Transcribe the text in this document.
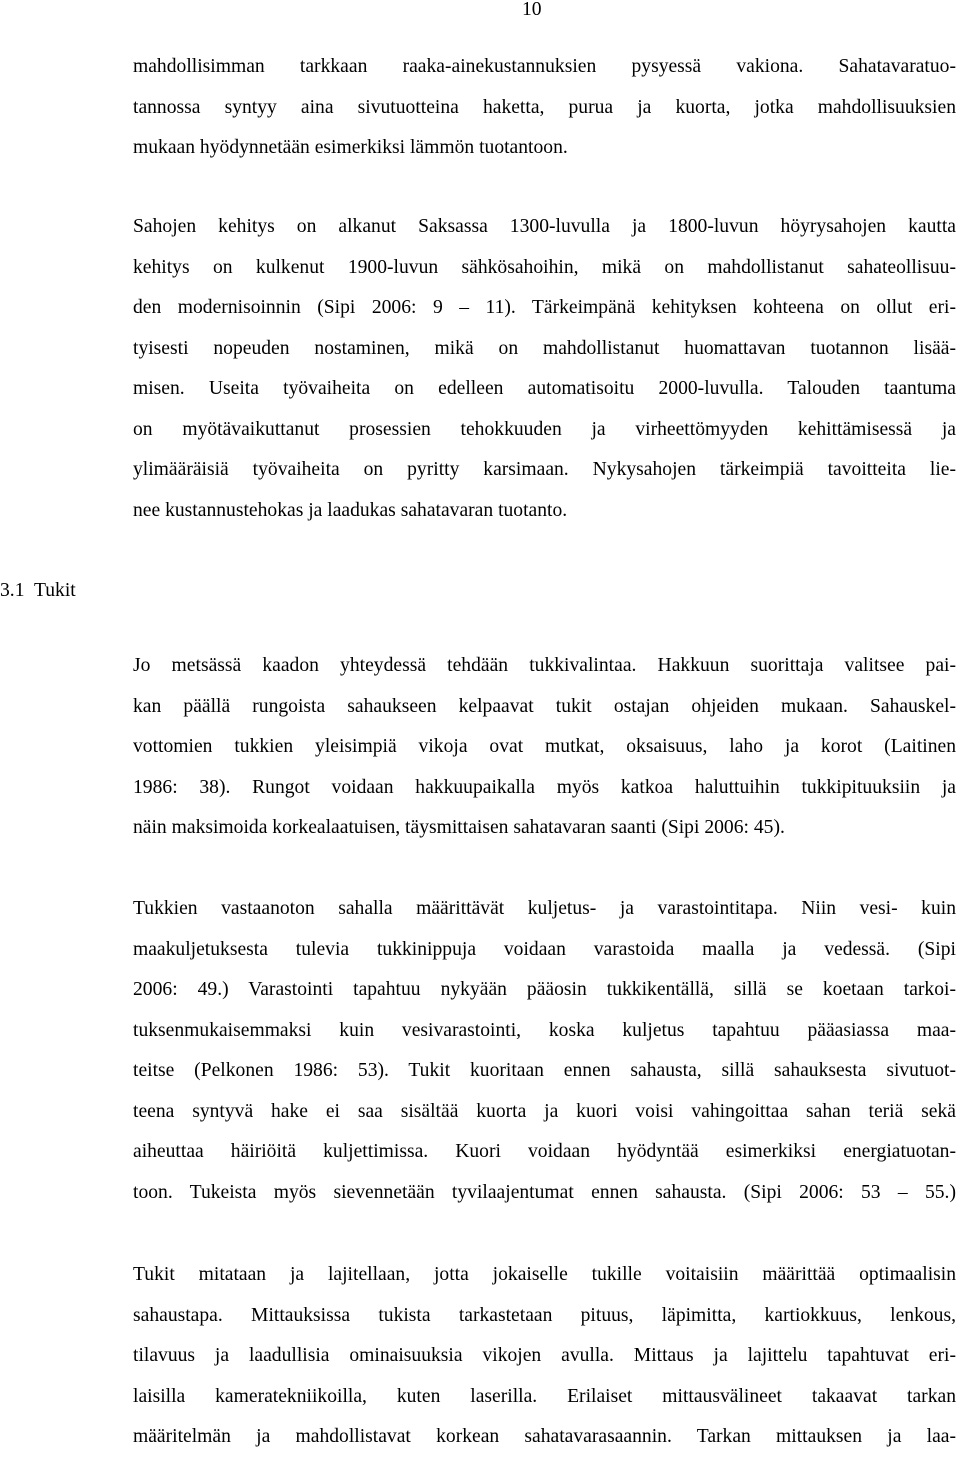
10
mahdollisimman tarkkaan raaka-ainekustannuksien pysyessä vakiona. Sahatavaratuo-
tannossa syntyy aina sivutuotteina haketta, purua ja kuorta, jotka mahdollisuuksien
mukaan hyödynnetään esimerkiksi lämmön tuotantoon.
Sahojen kehitys on alkanut Saksassa 1300-luvulla ja 1800-luvun höyrysahojen kautta
kehitys on kulkenut 1900-luvun sähkösahoihin, mikä on mahdollistanut sahateollisuu-
den modernisoinnin (Sipi 2006: 9 – 11). Tärkeimpänä kehityksen kohteena on ollut eri-
tyisesti nopeuden nostaminen, mikä on mahdollistanut huomattavan tuotannon lisää-
misen. Useita työvaiheita on edelleen automatisoitu 2000-luvulla. Talouden taantuma
on myötävaikuttanut prosessien tehokkuuden ja virheettömyyden kehittämisessä ja
ylimääräisiä työvaiheita on pyritty karsimaan. Nykysahojen tärkeimpiä tavoitteita lie-
nee kustannustehokas ja laadukas sahatavaran tuotanto.
3.1 Tukit
Jo metsässä kaadon yhteydessä tehdään tukkivalintaa. Hakkuun suorittaja valitsee pai-
kan päällä rungoista sahaukseen kelpaavat tukit ostajan ohjeiden mukaan. Sahauskel-
vottomien tukkien yleisimpiä vikoja ovat mutkat, oksaisuus, laho ja korot (Laitinen
1986: 38). Rungot voidaan hakkuupaikalla myös katkoa haluttuihin tukkipituuksiin ja
näin maksimoida korkealaatuisen, täysmittaisen sahatavaran saanti (Sipi 2006: 45).
Tukkien vastaanoton sahalla määrittävät kuljetus- ja varastointitapa. Niin vesi- kuin
maakuljetuksesta tulevia tukkinippuja voidaan varastoida maalla ja vedessä. (Sipi
2006: 49.) Varastointi tapahtuu nykyään pääosin tukkikentällä, sillä se koetaan tarkoi-
tuksenmukaisemmaksi kuin vesivarastointi, koska kuljetus tapahtuu pääasiassa maa-
teitse (Pelkonen 1986: 53). Tukit kuoritaan ennen sahausta, sillä sahauksesta sivutuot-
teena syntyvä hake ei saa sisältää kuorta ja kuori voisi vahingoittaa sahan teriä sekä
aiheuttaa häiriöitä kuljettimissa. Kuori voidaan hyödyntää esimerkiksi energiatuotan-
toon. Tukeista myös sievennetään tyvilaajentumat ennen sahausta. (Sipi 2006: 53 – 55.)
Tukit mitataan ja lajitellaan, jotta jokaiselle tukille voitaisiin määrittää optimaalisin
sahaustapa. Mittauksissa tukista tarkastetaan pituus, läpimitta, kartiokkuus, lenkous,
tilavuus ja laadullisia ominaisuuksia vikojen avulla. Mittaus ja lajittelu tapahtuvat eri-
laisilla kameratekniikoilla, kuten laserilla. Erilaiset mittausvälineet takaavat tarkan
määritelmän ja mahdollistavat korkean sahatavarasaannin. Tarkan mittauksen ja laa-
